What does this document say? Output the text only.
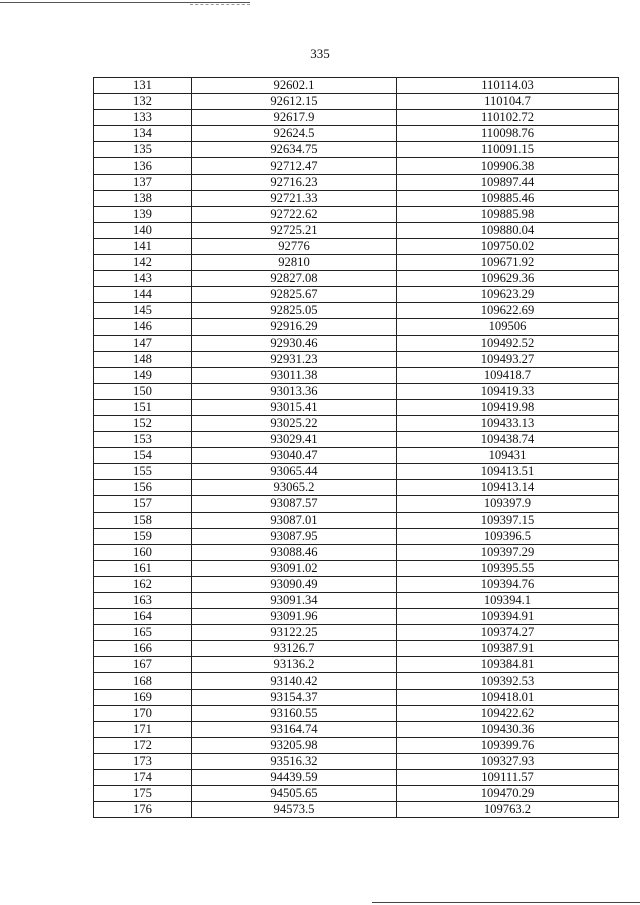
335
131	92602.1	110114.03
132	92612.15	110104.7
133	92617.9	110102.72
134	92624.5	110098.76
135	92634.75	110091.15
136	92712.47	109906.38
137	92716.23	109897.44
138	92721.33	109885.46
139	92722.62	109885.98
140	92725.21	109880.04
141	92776	109750.02
142	92810	109671.92
143	92827.08	109629.36
144	92825.67	109623.29
145	92825.05	109622.69
146	92916.29	109506
147	92930.46	109492.52
148	92931.23	109493.27
149	93011.38	109418.7
150	93013.36	109419.33
151	93015.41	109419.98
152	93025.22	109433.13
153	93029.41	109438.74
154	93040.47	109431
155	93065.44	109413.51
156	93065.2	109413.14
157	93087.57	109397.9
158	93087.01	109397.15
159	93087.95	109396.5
160	93088.46	109397.29
161	93091.02	109395.55
162	93090.49	109394.76
163	93091.34	109394.1
164	93091.96	109394.91
165	93122.25	109374.27
166	93126.7	109387.91
167	93136.2	109384.81
168	93140.42	109392.53
169	93154.37	109418.01
170	93160.55	109422.62
171	93164.74	109430.36
172	93205.98	109399.76
173	93516.32	109327.93
174	94439.59	109111.57
175	94505.65	109470.29
176	94573.5	109763.2
